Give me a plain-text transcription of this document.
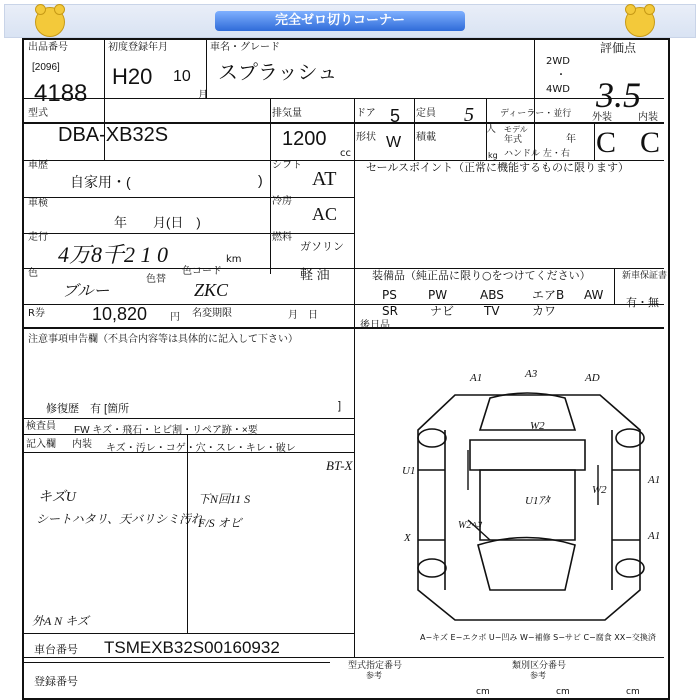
完全ゼロ切りコーナー
出品番号
[2096]
4188
初度登録年月
H20 10
月
車名・グレード
スプラッシュ
2WD
・
4WD
評価点
3.5
外装	内装
C C
型式
DBA-XB32S
排気量
1200
cc
ドア 5 定員 5
人
ディーラー・並行
形状 W 積載
kg
モデル
年式	年
ハンドル 左・右
車歴
自家用・(	)
シフト
AT
セールスポイント（正常に機能するものに限ります）
車検
年　　月(日　)
冷房
AC
走行
4万8千2 1 0	km
燃料
ガソリン
軽 油
色
ブルー
色替
色コード
ZKC
装備品（純正品に限り○をつけてください）	新車保証書
PS	PW	ABS エアB AW
SR	ナビ TV	カワ
有・無
R券	10,820 円 名変期限	月　日
後日品
注意事項申告欄（不具合内容等は具体的に記入して下さい）
修復歴　有 [箇所	]
検査員 FW キズ・飛石・ヒビ割・リペア跡・×要
記入欄 内装 キズ・汚レ・コゲ・穴・スレ・キレ・破レ
BT-X
キズU
シートハタリ、天バリシミ汚れ
下N回11 S
F/S オビ
外A N キズ
A1	A3	AD
W2
U1
U1ｱﾀ
W2
A1
A1
W2ﾍｺ
X
A−キズ E−エクボ U−凹み W−補修 S−サビ C−腐食 XX−交換済
車台番号 TSMEXB32S00160932
登録番号
型式指定番号
参考
類別区分番号
参考
cm	cm	cm
